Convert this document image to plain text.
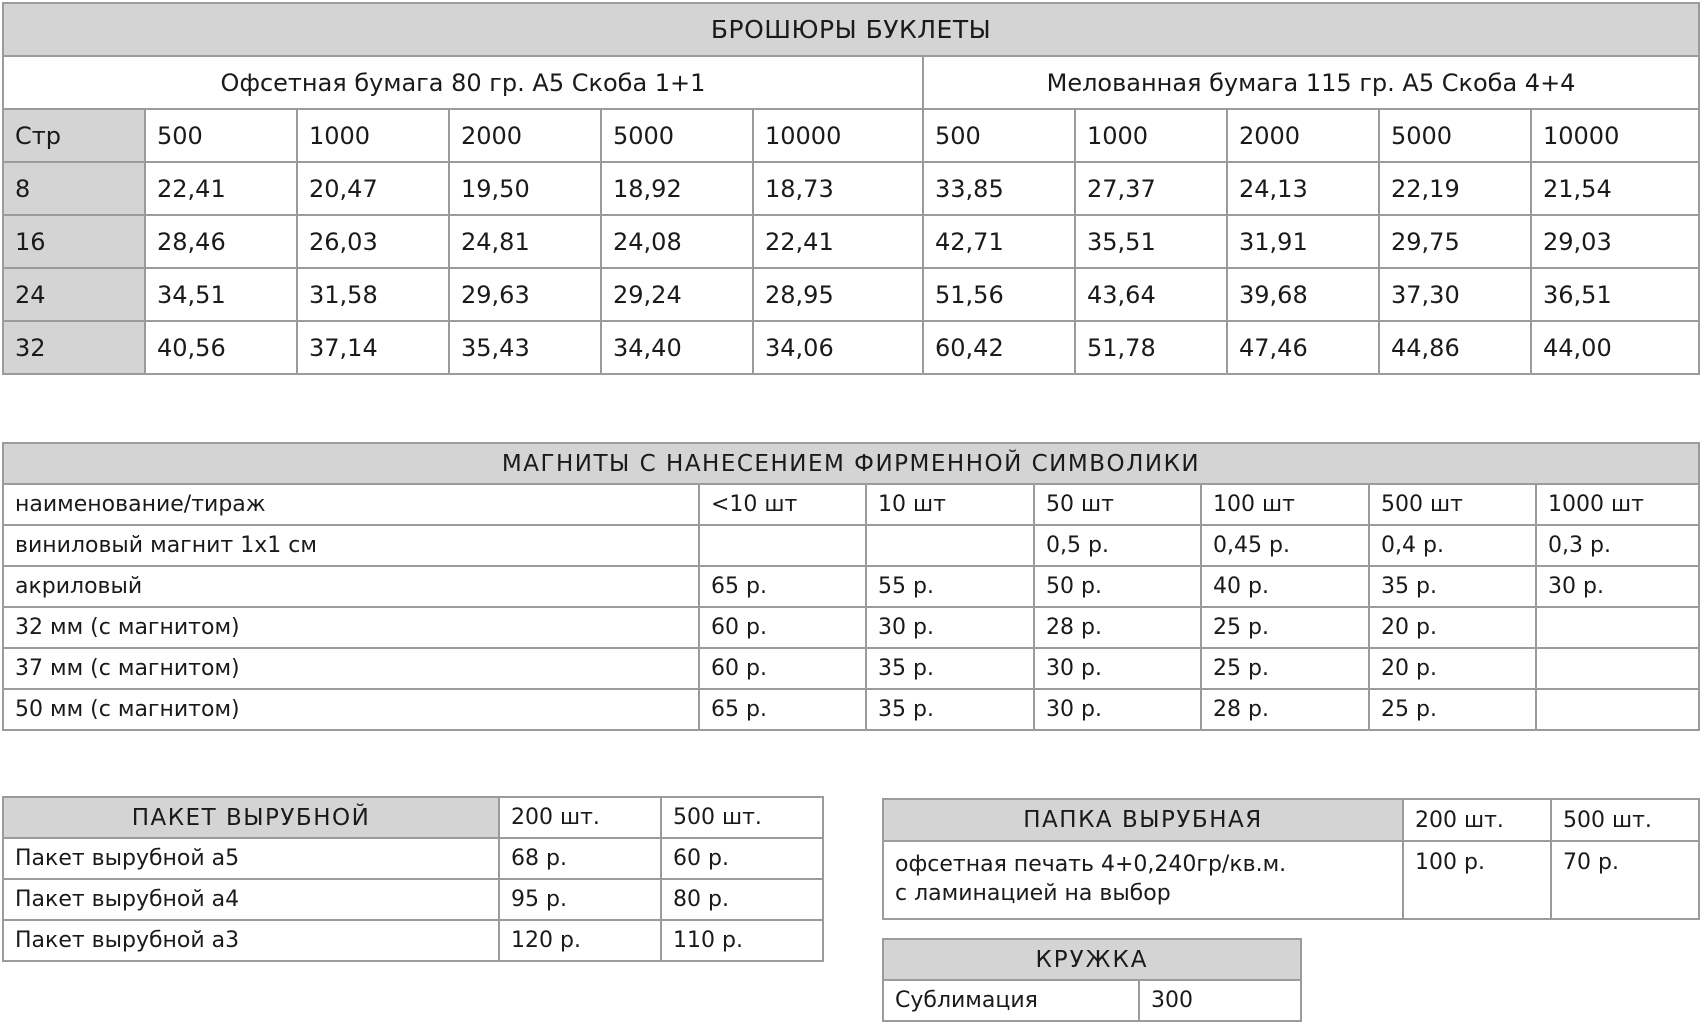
БРОШЮРЫ БУКЛЕТЫ										
Офсетная бумага 80 гр. А5 Скоба 1+1						Мелованная бумага 115 гр. А5 Скоба 4+4				
Стр	500	1000	2000	5000	10000	500	1000	2000	5000	10000
8	22,41	20,47	19,50	18,92	18,73	33,85	27,37	24,13	22,19	21,54
16	28,46	26,03	24,81	24,08	22,41	42,71	35,51	31,91	29,75	29,03
24	34,51	31,58	29,63	29,24	28,95	51,56	43,64	39,68	37,30	36,51
32	40,56	37,14	35,43	34,40	34,06	60,42	51,78	47,46	44,86	44,00
МАГНИТЫ С НАНЕСЕНИЕМ ФИРМЕННОЙ СИМВОЛИКИ						
наименование/тираж	<10 шт	10 шт	50 шт	100 шт	500 шт	1000 шт
виниловый магнит 1х1 см			0,5 р.	0,45 р.	0,4 р.	0,3 р.
акриловый	65 р.	55 р.	50 р.	40 р.	35 р.	30 р.
32 мм (с магнитом)	60 р.	30 р.	28 р.	25 р.	20 р.	
37 мм (с магнитом)	60 р.	35 р.	30 р.	25 р.	20 р.	
50 мм (с магнитом)	65 р.	35 р.	30 р.	28 р.	25 р.	
ПАКЕТ ВЫРУБНОЙ	200 шт.	500 шт.
Пакет вырубной а5	68 р.	60 р.
Пакет вырубной а4	95 р.	80 р.
Пакет вырубной а3	120 р.	110 р.
ПАПКА ВЫРУБНАЯ	200 шт.	500 шт.

офсетная печать 4+0,240гр/кв.м.
с ламинацией на выбор	100 р.	70 р.
КРУЖКА
Сублимация	300
